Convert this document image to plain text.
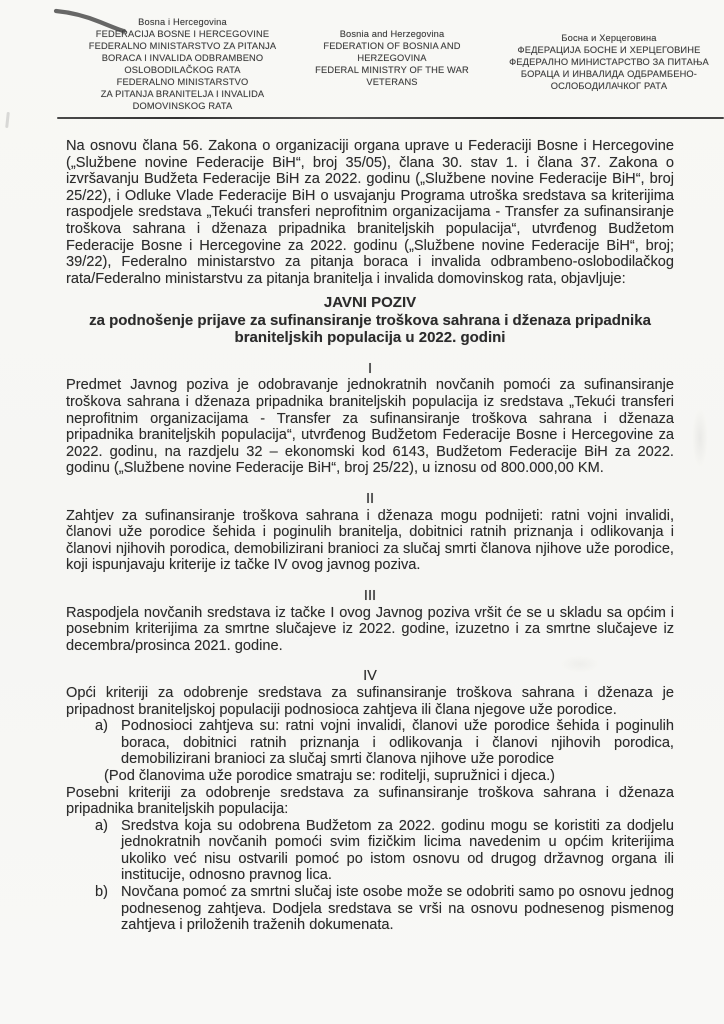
Bosna i Hercegovina
FEDERACIJA BOSNE I HERCEGOVINE
FEDERALNO MINISTARSTVO ZA PITANJA
BORACA I INVALIDA ODBRAMBENO
OSLOBODILAČKOG RATA
FEDERALNO MINISTARSTVO
ZA PITANJA BRANITELJA I INVALIDA
DOMOVINSKOG RATA
Bosnia and Herzegovina
FEDERATION OF BOSNIA AND
HERZEGOVINA
FEDERAL MINISTRY OF THE WAR
VETERANS
Босна и Херцеговина
ФЕДЕРАЦИЈА БОСНЕ И ХЕРЦЕГОВИНЕ
ФЕДЕРАЛНО МИНИСТАРСТВО ЗА ПИТАЊА
БОРАЦА И ИНВАЛИДА ОДБРАМБЕНО-
ОСЛОБОДИЛАЧКОГ РАТА

Na osnovu člana 56. Zakona o organizaciji organa uprave u Federaciji Bosne i Hercegovine („Službene novine Federacije BiH“, broj 35/05), člana 30. stav 1. i člana 37. Zakona o izvršavanju Budžeta Federacije BiH za 2022. godinu („Službene novine Federacije BiH“, broj 25/22), i Odluke Vlade Federacije BiH o usvajanju Programa utroška sredstava sa kriterijima raspodjele sredstava „Tekući transferi neprofitnim organizacijama - Transfer za sufinansiranje troškova sahrana i dženaza pripadnika braniteljskih populacija“, utvrđenog Budžetom Federacije Bosne i Hercegovine za 2022. godinu („Službene novine Federacije BiH“, broj; 39/22), Federalno ministarstvo za pitanja boraca i invalida odbrambeno-oslobodilačkog rata/Federalno ministarstvu za pitanja branitelja i invalida domovinskog rata, objavljuje:

JAVNI POZIV
za podnošenje prijave za sufinansiranje troškova sahrana i dženaza pripadnika braniteljskih populacija u 2022. godini
I

Predmet Javnog poziva je odobravanje jednokratnih novčanih pomoći za sufinansiranje troškova sahrana i dženaza pripadnika braniteljskih populacija iz sredstava „Tekući transferi neprofitnim organizacijama - Transfer za sufinansiranje troškova sahrana i dženaza pripadnika braniteljskih populacija“, utvrđenog Budžetom Federacije Bosne i Hercegovine za 2022. godinu, na razdjelu 32 – ekonomski kod 6143, Budžetom Federacije BiH za 2022. godinu („Službene novine Federacije BiH“, broj 25/22), u iznosu od 800.000,00 KM.

II

Zahtjev za sufinansiranje troškova sahrana i dženaza mogu podnijeti: ratni vojni invalidi, članovi uže porodice šehida i poginulih branitelja, dobitnici ratnih priznanja i odlikovanja i članovi njihovih porodica, demobilizirani branioci za slučaj smrti članova njihove uže porodice, koji ispunjavaju kriterije iz tačke IV ovog javnog poziva.

III

Raspodjela novčanih sredstava iz tačke I ovog Javnog poziva vršit će se u skladu sa općim i posebnim kriterijima za smrtne slučajeve iz 2022. godine, izuzetno i za smrtne slučajeve iz decembra/prosinca 2021. godine.

IV

Opći kriteriji za odobrenje sredstava za sufinansiranje troškova sahrana i dženaza je pripadnost braniteljskoj populaciji podnosioca zahtjeva ili člana njegove uže porodice.

a) Podnosioci zahtjeva su: ratni vojni invalidi, članovi uže porodice šehida i poginulih boraca, dobitnici ratnih priznanja i odlikovanja i članovi njihovih porodica, demobilizirani branioci za slučaj smrti članova njihove uže porodice
(Pod članovima uže porodice smatraju se: roditelji, supružnici i djeca.)

Posebni kriteriji za odobrenje sredstava za sufinansiranje troškova sahrana i dženaza pripadnika braniteljskih populacija:

a) Sredstva koja su odobrena Budžetom za 2022. godinu mogu se koristiti za dodjelu jednokratnih novčanih pomoći svim fizičkim licima navedenim u općim kriterijima ukoliko već nisu ostvarili pomoć po istom osnovu od drugog državnog organa ili institucije, odnosno pravnog lica.
b) Novčana pomoć za smrtni slučaj iste osobe može se odobriti samo po osnovu jednog podnesenog zahtjeva. Dodjela sredstava se vrši na osnovu podnesenog pismenog zahtjeva i priloženih traženih dokumenata.
